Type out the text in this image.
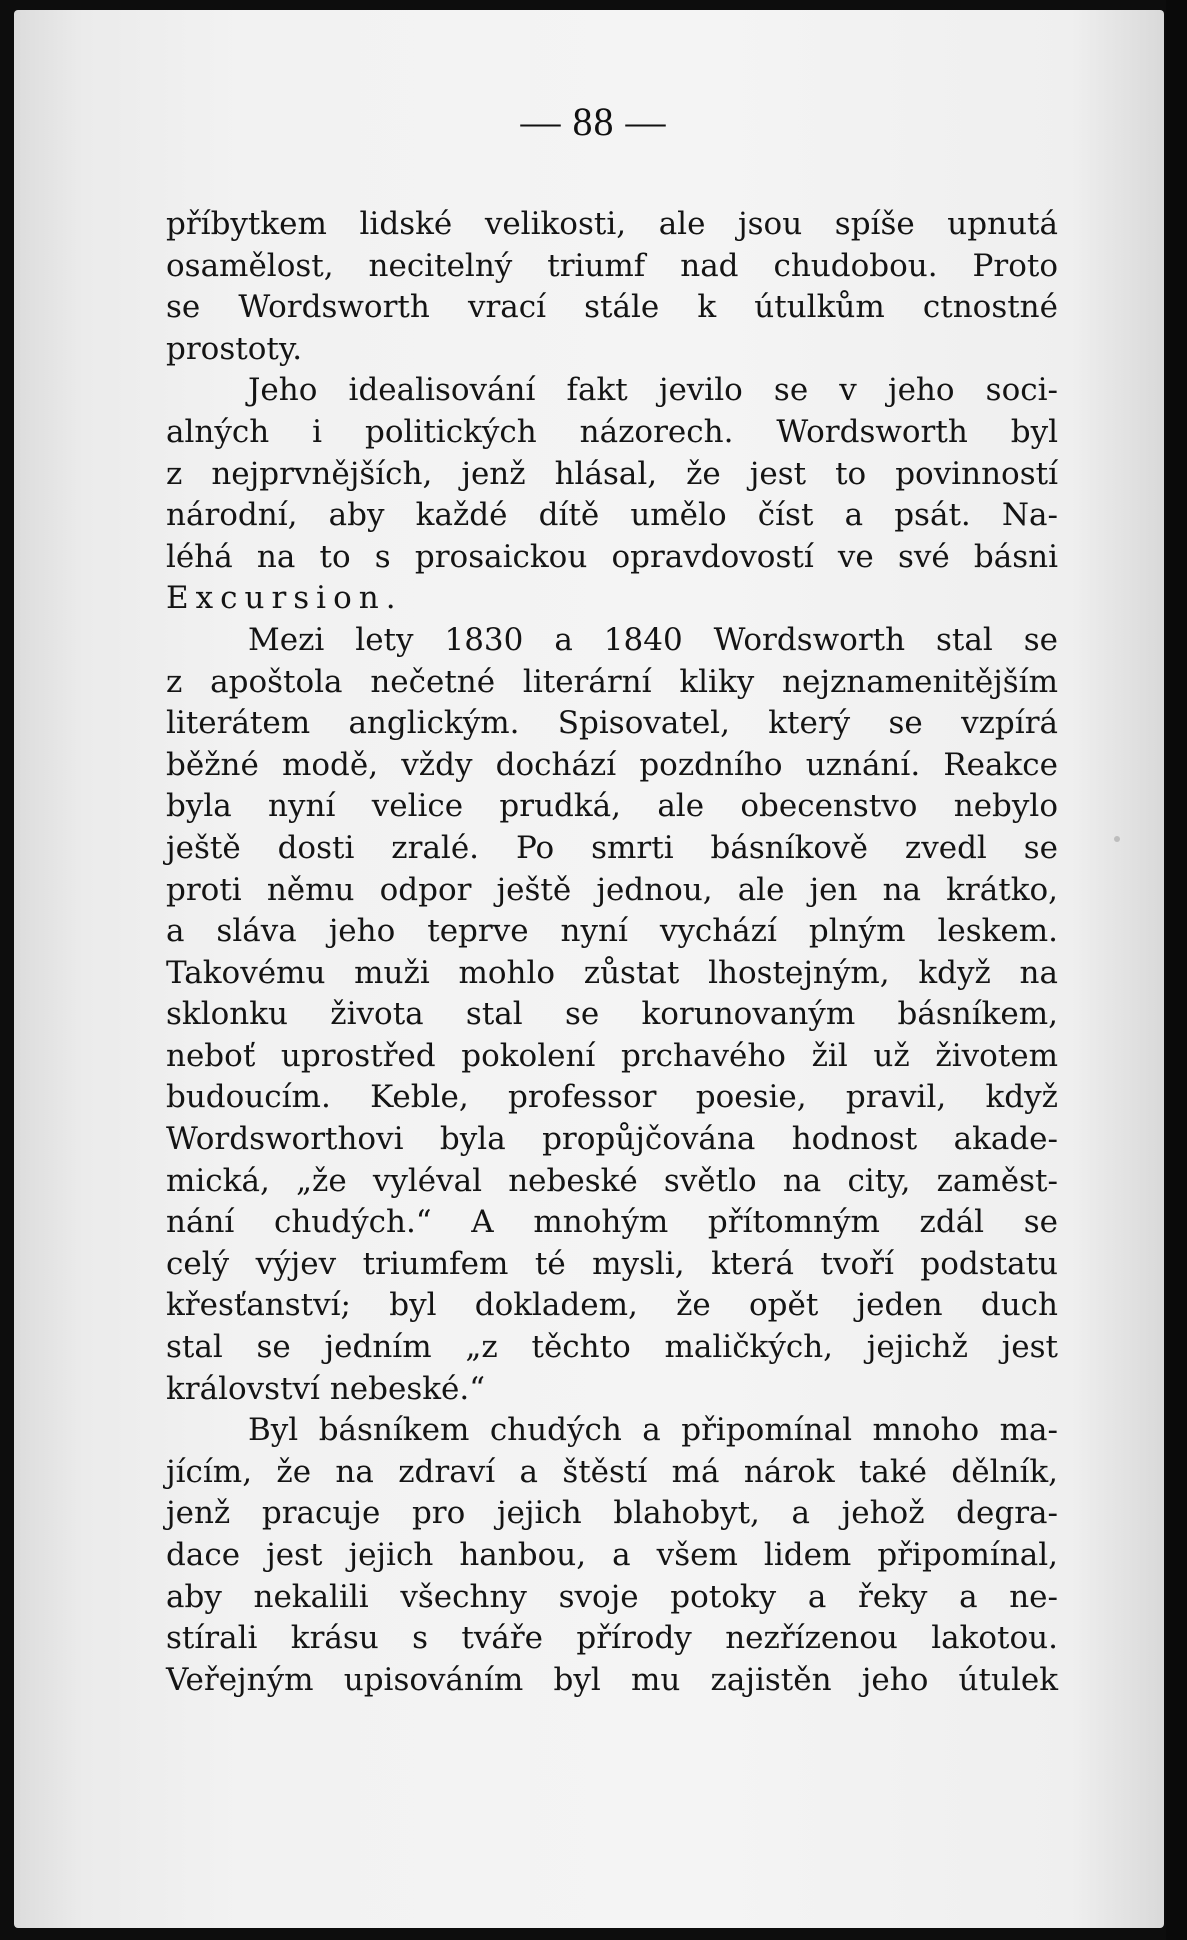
— 88 —
příbytkem lidské velikosti, ale jsou spíše upnutá
osamělost, necitelný triumf nad chudobou. Proto
se Wordsworth vrací stále k útulkům ctnostné
prostoty.
Jeho idealisování fakt jevilo se v jeho soci-
alných i politických názorech. Wordsworth byl
z nejprvnějších, jenž hlásal, že jest to povinností
národní, aby každé dítě umělo číst a psát. Na-
léhá na to s prosaickou opravdovostí ve své básni
Excursion.
Mezi lety 1830 a 1840 Wordsworth stal se
z apoštola nečetné literární kliky nejznamenitějším
literátem anglickým. Spisovatel, který se vzpírá
běžné modě, vždy dochází pozdního uznání. Reakce
byla nyní velice prudká, ale obecenstvo nebylo
ještě dosti zralé. Po smrti básníkově zvedl se
proti němu odpor ještě jednou, ale jen na krátko,
a sláva jeho teprve nyní vychází plným leskem.
Takovému muži mohlo zůstat lhostejným, když na
sklonku života stal se korunovaným básníkem,
neboť uprostřed pokolení prchavého žil už životem
budoucím. Keble, professor poesie, pravil, když
Wordsworthovi byla propůjčována hodnost akade-
mická, „že vyléval nebeské světlo na city, zaměst-
nání chudých.“ A mnohým přítomným zdál se
celý výjev triumfem té mysli, která tvoří podstatu
křesťanství; byl dokladem, že opět jeden duch
stal se jedním „z těchto maličkých, jejichž jest
království nebeské.“
Byl básníkem chudých a připomínal mnoho ma-
jícím, že na zdraví a štěstí má nárok také dělník,
jenž pracuje pro jejich blahobyt, a jehož degra-
dace jest jejich hanbou, a všem lidem připomínal,
aby nekalili všechny svoje potoky a řeky a ne-
stírali krásu s tváře přírody nezřízenou lakotou.
Veřejným upisováním byl mu zajistěn jeho útulek
